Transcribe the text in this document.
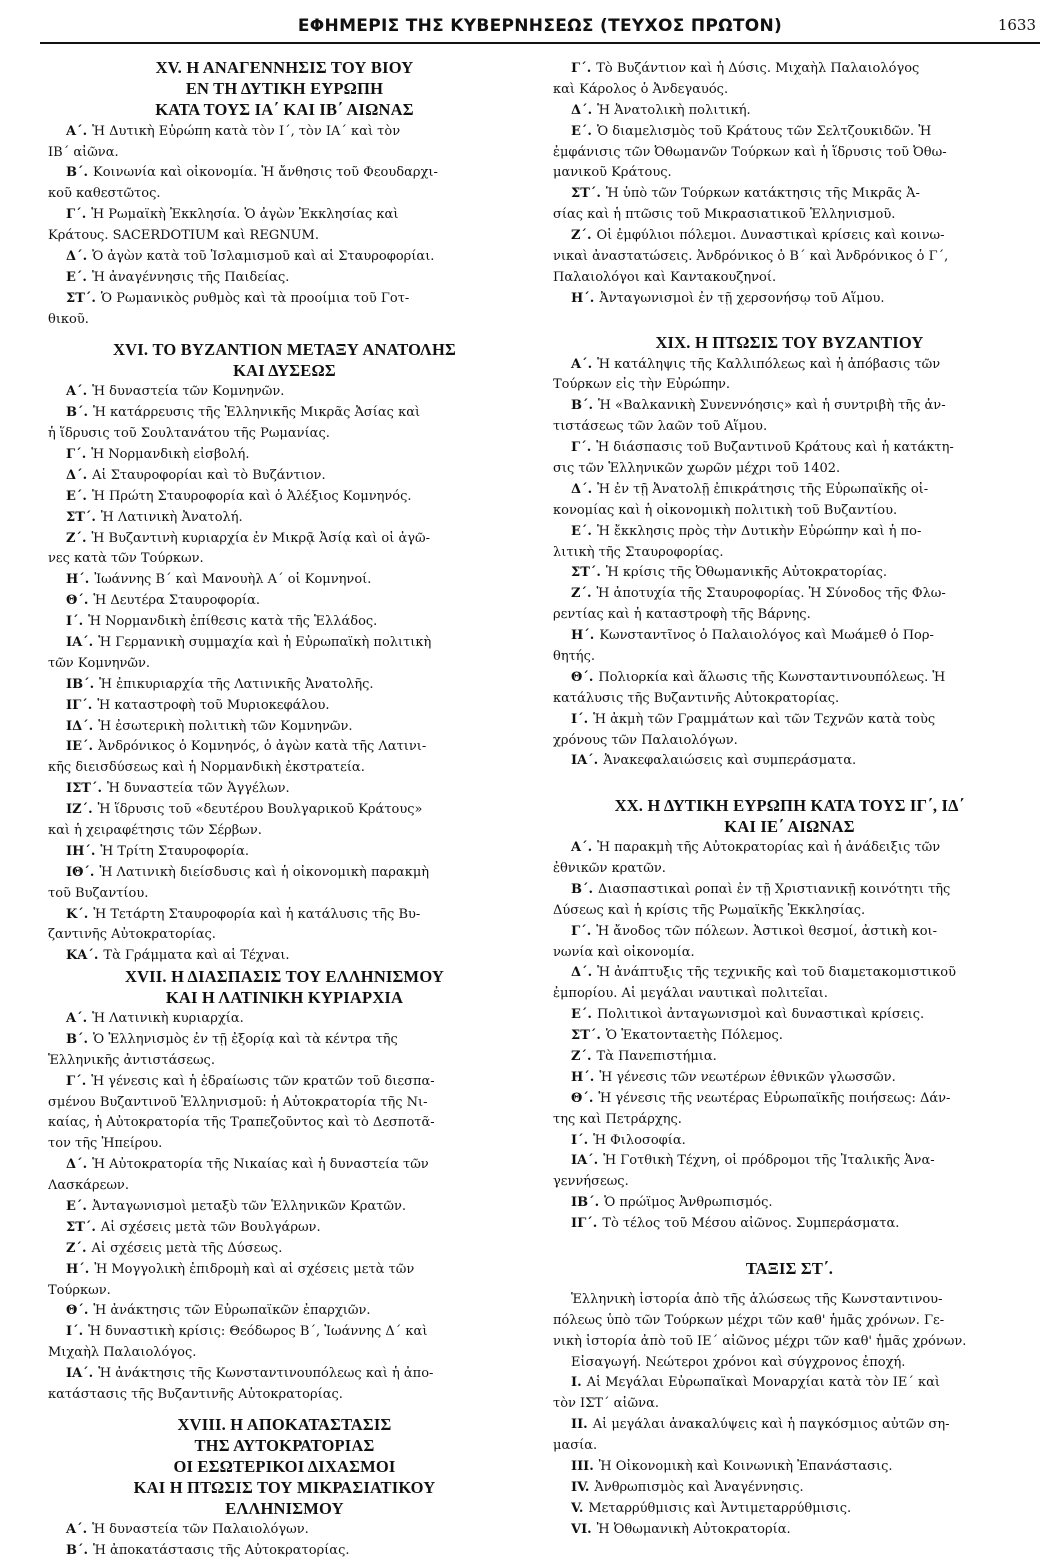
ΕΦΗΜΕΡΙΣ ΤΗΣ ΚΥΒΕΡΝΗΣΕΩΣ (ΤΕΥΧΟΣ ΠΡΩΤΟΝ)	1633
XV. Η ΑΝΑΓΕΝΝΗΣΙΣ ΤΟΥ ΒΙΟΥ
ΕΝ ΤΗ ΔΥΤΙΚΗ ΕΥΡΩΠΗ
ΚΑΤΑ ΤΟΥΣ ΙΑ΄ ΚΑΙ ΙΒ΄ ΑΙΩΝΑΣ
Α΄. Ἡ Δυτικὴ Εὐρώπη κατὰ τὸν Ι΄, τὸν ΙΑ΄ καὶ τὸν
ΙΒ΄ αἰῶνα.
Β΄. Κοινωνία καὶ οἰκονομία. Ἡ ἄνθησις τοῦ Φεουδαρχι-
κοῦ καθεστῶτος.
Γ΄. Ἡ Ρωμαϊκὴ Ἐκκλησία. Ὁ ἀγὼν Ἐκκλησίας καὶ
Κράτους. SACERDOTIUM καὶ REGNUM.
Δ΄. Ὁ ἀγὼν κατὰ τοῦ Ἰσλαμισμοῦ καὶ αἱ Σταυροφορίαι.
Ε΄. Ἡ ἀναγέννησις τῆς Παιδείας.
ΣΤ΄. Ὁ Ρωμανικὸς ρυθμὸς καὶ τὰ προοίμια τοῦ Γοτ-
θικοῦ.
XVI. ΤΟ ΒΥΖΑΝΤΙΟΝ ΜΕΤΑΞΥ ΑΝΑΤΟΛΗΣ
ΚΑΙ ΔΥΣΕΩΣ
Α΄. Ἡ δυναστεία τῶν Κομνηνῶν.
Β΄. Ἡ κατάρρευσις τῆς Ἑλληνικῆς Μικρᾶς Ἀσίας καὶ
ἡ ἵδρυσις τοῦ Σουλτανάτου τῆς Ρωμανίας.
Γ΄. Ἡ Νορμανδικὴ εἰσβολή.
Δ΄. Αἱ Σταυροφορίαι καὶ τὸ Βυζάντιον.
Ε΄. Ἡ Πρώτη Σταυροφορία καὶ ὁ Ἀλέξιος Κομνηνός.
ΣΤ΄. Ἡ Λατινικὴ Ἀνατολή.
Ζ΄. Ἡ Βυζαντινὴ κυριαρχία ἐν Μικρᾷ Ἀσίᾳ καὶ οἱ ἀγῶ-
νες κατὰ τῶν Τούρκων.
Η΄. Ἰωάννης Β΄ καὶ Μανουὴλ Α΄ οἱ Κομνηνοί.
Θ΄. Ἡ Δευτέρα Σταυροφορία.
Ι΄. Ἡ Νορμανδικὴ ἐπίθεσις κατὰ τῆς Ἑλλάδος.
ΙΑ΄. Ἡ Γερμανικὴ συμμαχία καὶ ἡ Εὐρωπαϊκὴ πολιτικὴ
τῶν Κομνηνῶν.
ΙΒ΄. Ἡ ἐπικυριαρχία τῆς Λατινικῆς Ἀνατολῆς.
ΙΓ΄. Ἡ καταστροφὴ τοῦ Μυριοκεφάλου.
ΙΔ΄. Ἡ ἐσωτερικὴ πολιτικὴ τῶν Κομνηνῶν.
ΙΕ΄. Ἀνδρόνικος ὁ Κομνηνός, ὁ ἀγὼν κατὰ τῆς Λατινι-
κῆς διεισδύσεως καὶ ἡ Νορμανδικὴ ἐκστρατεία.
ΙΣΤ΄. Ἡ δυναστεία τῶν Ἀγγέλων.
ΙΖ΄. Ἡ ἵδρυσις τοῦ «δευτέρου Βουλγαρικοῦ Κράτους»
καὶ ἡ χειραφέτησις τῶν Σέρβων.
ΙΗ΄. Ἡ Τρίτη Σταυροφορία.
ΙΘ΄. Ἡ Λατινικὴ διείσδυσις καὶ ἡ οἰκονομικὴ παρακμὴ
τοῦ Βυζαντίου.
Κ΄. Ἡ Τετάρτη Σταυροφορία καὶ ἡ κατάλυσις τῆς Βυ-
ζαντινῆς Αὐτοκρατορίας.
ΚΑ΄. Τὰ Γράμματα καὶ αἱ Τέχναι.
XVII. Η ΔΙΑΣΠΑΣΙΣ ΤΟΥ ΕΛΛΗΝΙΣΜΟΥ
ΚΑΙ Η ΛΑΤΙΝΙΚΗ ΚΥΡΙΑΡΧΙΑ
Α΄. Ἡ Λατινικὴ κυριαρχία.
Β΄. Ὁ Ἑλληνισμὸς ἐν τῇ ἐξορίᾳ καὶ τὰ κέντρα τῆς
Ἑλληνικῆς ἀντιστάσεως.
Γ΄. Ἡ γένεσις καὶ ἡ ἑδραίωσις τῶν κρατῶν τοῦ διεσπα-
σμένου Βυζαντινοῦ Ἑλληνισμοῦ: ἡ Αὐτοκρατορία τῆς Νι-
καίας, ἡ Αὐτοκρατορία τῆς Τραπεζοῦντος καὶ τὸ Δεσποτᾶ-
τον τῆς Ἠπείρου.
Δ΄. Ἡ Αὐτοκρατορία τῆς Νικαίας καὶ ἡ δυναστεία τῶν
Λασκάρεων.
Ε΄. Ἀνταγωνισμοὶ μεταξὺ τῶν Ἑλληνικῶν Κρατῶν.
ΣΤ΄. Αἱ σχέσεις μετὰ τῶν Βουλγάρων.
Ζ΄. Αἱ σχέσεις μετὰ τῆς Δύσεως.
Η΄. Ἡ Μογγολικὴ ἐπιδρομὴ καὶ αἱ σχέσεις μετὰ τῶν
Τούρκων.
Θ΄. Ἡ ἀνάκτησις τῶν Εὐρωπαϊκῶν ἐπαρχιῶν.
Ι΄. Ἡ δυναστικὴ κρίσις: Θεόδωρος Β΄, Ἰωάννης Δ΄ καὶ
Μιχαὴλ Παλαιολόγος.
ΙΑ΄. Ἡ ἀνάκτησις τῆς Κωνσταντινουπόλεως καὶ ἡ ἀπο-
κατάστασις τῆς Βυζαντινῆς Αὐτοκρατορίας.
XVIII. Η ΑΠΟΚΑΤΑΣΤΑΣΙΣ
ΤΗΣ ΑΥΤΟΚΡΑΤΟΡΙΑΣ
ΟΙ ΕΣΩΤΕΡΙΚΟΙ ΔΙΧΑΣΜΟΙ
ΚΑΙ Η ΠΤΩΣΙΣ ΤΟΥ ΜΙΚΡΑΣΙΑΤΙΚΟΥ
ΕΛΛΗΝΙΣΜΟΥ
Α΄. Ἡ δυναστεία τῶν Παλαιολόγων.
Β΄. Ἡ ἀποκατάστασις τῆς Αὐτοκρατορίας.
Γ΄. Τὸ Βυζάντιον καὶ ἡ Δύσις. Μιχαὴλ Παλαιολόγος
καὶ Κάρολος ὁ Ἀνδεγαυός.
Δ΄. Ἡ Ἀνατολικὴ πολιτική.
Ε΄. Ὁ διαμελισμὸς τοῦ Κράτους τῶν Σελτζουκιδῶν. Ἡ
ἐμφάνισις τῶν Ὀθωμανῶν Τούρκων καὶ ἡ ἵδρυσις τοῦ Ὀθω-
μανικοῦ Κράτους.
ΣΤ΄. Ἡ ὑπὸ τῶν Τούρκων κατάκτησις τῆς Μικρᾶς Ἀ-
σίας καὶ ἡ πτῶσις τοῦ Μικρασιατικοῦ Ἑλληνισμοῦ.
Ζ΄. Οἱ ἐμφύλιοι πόλεμοι. Δυναστικαὶ κρίσεις καὶ κοινω-
νικαὶ ἀναστατώσεις. Ἀνδρόνικος ὁ Β΄ καὶ Ἀνδρόνικος ὁ Γ΄,
Παλαιολόγοι καὶ Καντακουζηνοί.
Η΄. Ἀνταγωνισμοὶ ἐν τῇ χερσονήσῳ τοῦ Αἵμου.
XIX. Η ΠΤΩΣΙΣ ΤΟΥ ΒΥΖΑΝΤΙΟΥ
Α΄. Ἡ κατάληψις τῆς Καλλιπόλεως καὶ ἡ ἀπόβασις τῶν
Τούρκων εἰς τὴν Εὐρώπην.
Β΄. Ἡ «Βαλκανικὴ Συνεννόησις» καὶ ἡ συντριβὴ τῆς ἀν-
τιστάσεως τῶν λαῶν τοῦ Αἵμου.
Γ΄. Ἡ διάσπασις τοῦ Βυζαντινοῦ Κράτους καὶ ἡ κατάκτη-
σις τῶν Ἑλληνικῶν χωρῶν μέχρι τοῦ 1402.
Δ΄. Ἡ ἐν τῇ Ἀνατολῇ ἐπικράτησις τῆς Εὐρωπαϊκῆς οἰ-
κονομίας καὶ ἡ οἰκονομικὴ πολιτικὴ τοῦ Βυζαντίου.
Ε΄. Ἡ ἔκκλησις πρὸς τὴν Δυτικὴν Εὐρώπην καὶ ἡ πο-
λιτικὴ τῆς Σταυροφορίας.
ΣΤ΄. Ἡ κρίσις τῆς Ὀθωμανικῆς Αὐτοκρατορίας.
Ζ΄. Ἡ ἀποτυχία τῆς Σταυροφορίας. Ἡ Σύνοδος τῆς Φλω-
ρεντίας καὶ ἡ καταστροφὴ τῆς Βάρνης.
Η΄. Κωνσταντῖνος ὁ Παλαιολόγος καὶ Μωάμεθ ὁ Πορ-
θητής.
Θ΄. Πολιορκία καὶ ἅλωσις τῆς Κωνσταντινουπόλεως. Ἡ
κατάλυσις τῆς Βυζαντινῆς Αὐτοκρατορίας.
Ι΄. Ἡ ἀκμὴ τῶν Γραμμάτων καὶ τῶν Τεχνῶν κατὰ τοὺς
χρόνους τῶν Παλαιολόγων.
ΙΑ΄. Ἀνακεφαλαιώσεις καὶ συμπεράσματα.
XX. Η ΔΥΤΙΚΗ ΕΥΡΩΠΗ ΚΑΤΑ ΤΟΥΣ ΙΓ΄, ΙΔ΄
ΚΑΙ ΙΕ΄ ΑΙΩΝΑΣ
Α΄. Ἡ παρακμὴ τῆς Αὐτοκρατορίας καὶ ἡ ἀνάδειξις τῶν
ἐθνικῶν κρατῶν.
Β΄. Διασπαστικαὶ ροπαὶ ἐν τῇ Χριστιανικῇ κοινότητι τῆς
Δύσεως καὶ ἡ κρίσις τῆς Ρωμαϊκῆς Ἐκκλησίας.
Γ΄. Ἡ ἄνοδος τῶν πόλεων. Ἀστικοὶ θεσμοί, ἀστικὴ κοι-
νωνία καὶ οἰκονομία.
Δ΄. Ἡ ἀνάπτυξις τῆς τεχνικῆς καὶ τοῦ διαμετακομιστικοῦ
ἐμπορίου. Αἱ μεγάλαι ναυτικαὶ πολιτεῖαι.
Ε΄. Πολιτικοὶ ἀνταγωνισμοὶ καὶ δυναστικαὶ κρίσεις.
ΣΤ΄. Ὁ Ἑκατονταετὴς Πόλεμος.
Ζ΄. Τὰ Πανεπιστήμια.
Η΄. Ἡ γένεσις τῶν νεωτέρων ἐθνικῶν γλωσσῶν.
Θ΄. Ἡ γένεσις τῆς νεωτέρας Εὐρωπαϊκῆς ποιήσεως: Δάν-
της καὶ Πετράρχης.
Ι΄. Ἡ Φιλοσοφία.
ΙΑ΄. Ἡ Γοτθικὴ Τέχνη, οἱ πρόδρομοι τῆς Ἰταλικῆς Ἀνα-
γεννήσεως.
ΙΒ΄. Ὁ πρώϊμος Ἀνθρωπισμός.
ΙΓ΄. Τὸ τέλος τοῦ Μέσου αἰῶνος. Συμπεράσματα.
ΤΑΞΙΣ ΣΤ΄.
Ἑλληνικὴ ἱστορία ἀπὸ τῆς ἁλώσεως τῆς Κωνσταντινου-
πόλεως ὑπὸ τῶν Τούρκων μέχρι τῶν καθ' ἡμᾶς χρόνων. Γε-
νικὴ ἱστορία ἀπὸ τοῦ ΙΕ΄ αἰῶνος μέχρι τῶν καθ' ἡμᾶς χρόνων.
Εἰσαγωγή. Νεώτεροι χρόνοι καὶ σύγχρονος ἐποχή.
I. Αἱ Μεγάλαι Εὐρωπαϊκαὶ Μοναρχίαι κατὰ τὸν ΙΕ΄ καὶ
τὸν ΙΣΤ΄ αἰῶνα.
II. Αἱ μεγάλαι ἀνακαλύψεις καὶ ἡ παγκόσμιος αὐτῶν ση-
μασία.
III. Ἡ Οἰκονομικὴ καὶ Κοινωνικὴ Ἐπανάστασις.
IV. Ἀνθρωπισμὸς καὶ Ἀναγέννησις.
V. Μεταρρύθμισις καὶ Ἀντιμεταρρύθμισις.
VI. Ἡ Ὀθωμανικὴ Αὐτοκρατορία.
